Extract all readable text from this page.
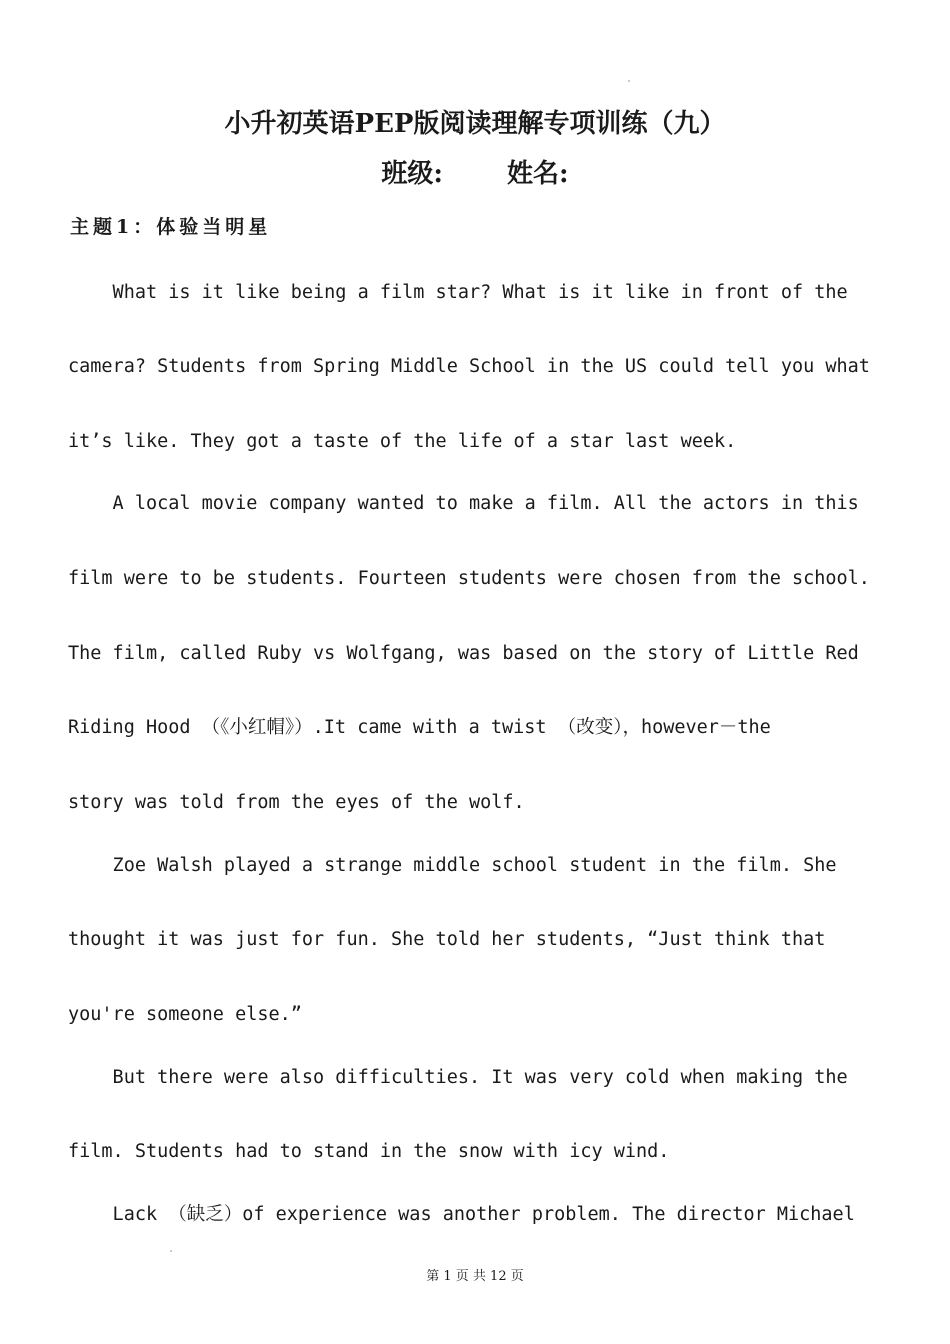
小升初英语PEP版阅读理解专项训练（九）
班级: 姓名:
主题1：体验当明星
What is it like being a film star? What is it like in front of the
camera? Students from Spring Middle School in the US could tell you what
it’s like. They got a taste of the life of a star last week.
A local movie company wanted to make a film. All the actors in this
film were to be students. Fourteen students were chosen from the school.
The film, called Ruby vs Wolfgang, was based on the story of Little Red
Riding Hood （《小红帽》）.It came with a twist （改变），however－the
story was told from the eyes of the wolf.
Zoe Walsh played a strange middle school student in the film. She
thought it was just for fun. She told her students, “Just think that
you're someone else.”
But there were also difficulties. It was very cold when making the
film. Students had to stand in the snow with icy wind.
Lack （缺乏）of experience was another problem. The director Michael
第 1 页 共 12 页
